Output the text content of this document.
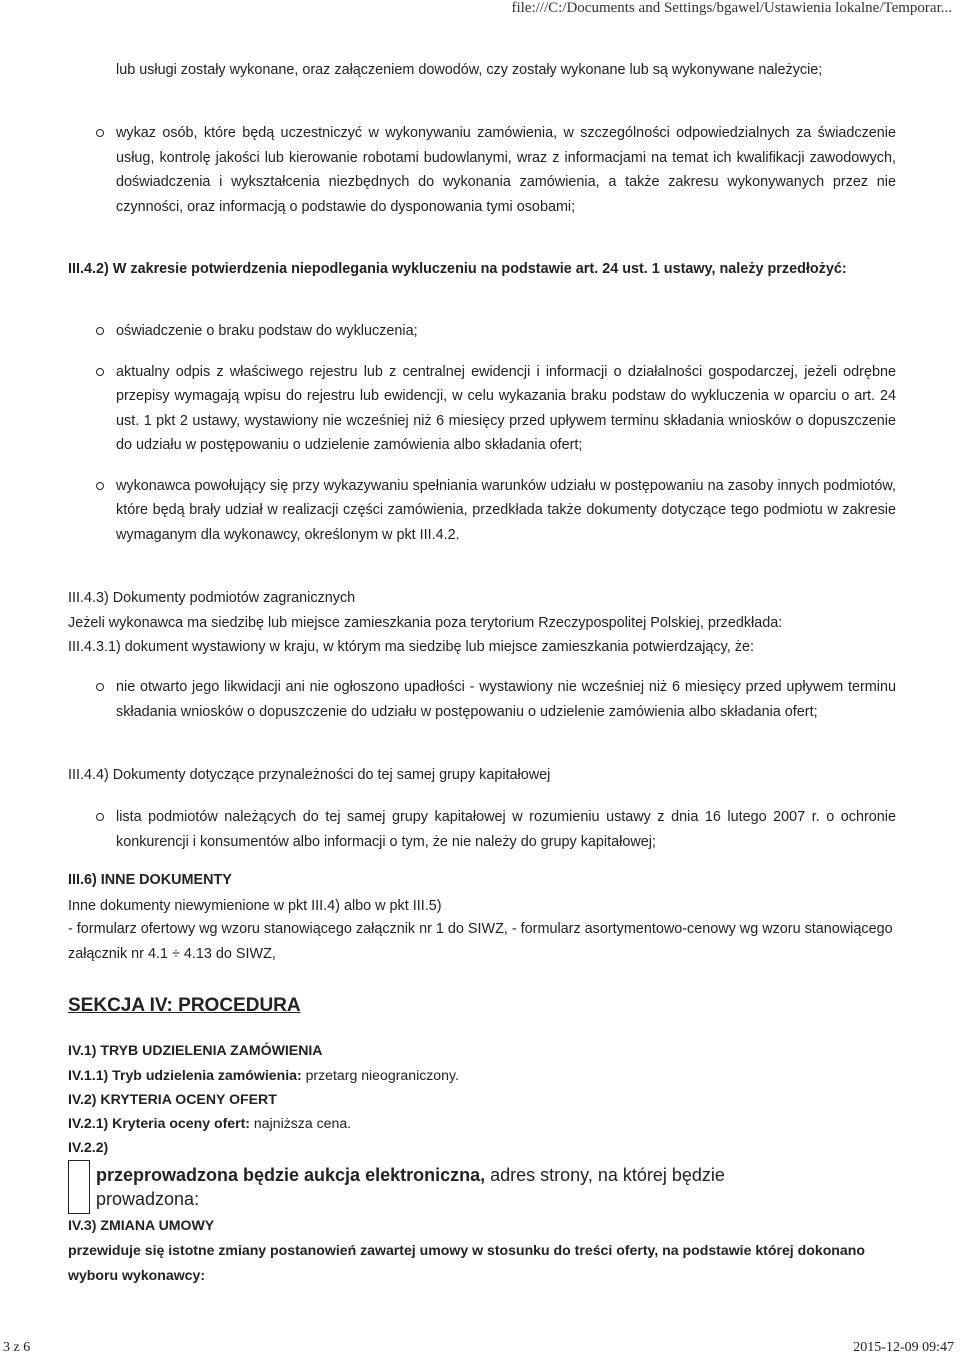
file:///C:/Documents and Settings/bgawel/Ustawienia lokalne/Temporar...
lub usługi zostały wykonane, oraz załączeniem dowodów, czy zostały wykonane lub są wykonywane należycie;
wykaz osób, które będą uczestniczyć w wykonywaniu zamówienia, w szczególności odpowiedzialnych za świadczenie usług, kontrolę jakości lub kierowanie robotami budowlanymi, wraz z informacjami na temat ich kwalifikacji zawodowych, doświadczenia i wykształcenia niezbędnych do wykonania zamówienia, a także zakresu wykonywanych przez nie czynności, oraz informacją o podstawie do dysponowania tymi osobami;
III.4.2) W zakresie potwierdzenia niepodlegania wykluczeniu na podstawie art. 24 ust. 1 ustawy, należy przedłożyć:
oświadczenie o braku podstaw do wykluczenia;
aktualny odpis z właściwego rejestru lub z centralnej ewidencji i informacji o działalności gospodarczej, jeżeli odrębne przepisy wymagają wpisu do rejestru lub ewidencji, w celu wykazania braku podstaw do wykluczenia w oparciu o art. 24 ust. 1 pkt 2 ustawy, wystawiony nie wcześniej niż 6 miesięcy przed upływem terminu składania wniosków o dopuszczenie do udziału w postępowaniu o udzielenie zamówienia albo składania ofert;
wykonawca powołujący się przy wykazywaniu spełniania warunków udziału w postępowaniu na zasoby innych podmiotów, które będą brały udział w realizacji części zamówienia, przedkłada także dokumenty dotyczące tego podmiotu w zakresie wymaganym dla wykonawcy, określonym w pkt III.4.2.
III.4.3) Dokumenty podmiotów zagranicznych
Jeżeli wykonawca ma siedzibę lub miejsce zamieszkania poza terytorium Rzeczypospolitej Polskiej, przedkłada:
III.4.3.1) dokument wystawiony w kraju, w którym ma siedzibę lub miejsce zamieszkania potwierdzający, że:
nie otwarto jego likwidacji ani nie ogłoszono upadłości - wystawiony nie wcześniej niż 6 miesięcy przed upływem terminu składania wniosków o dopuszczenie do udziału w postępowaniu o udzielenie zamówienia albo składania ofert;
III.4.4) Dokumenty dotyczące przynależności do tej samej grupy kapitałowej
lista podmiotów należących do tej samej grupy kapitałowej w rozumieniu ustawy z dnia 16 lutego 2007 r. o ochronie konkurencji i konsumentów albo informacji o tym, że nie należy do grupy kapitałowej;
III.6) INNE DOKUMENTY
Inne dokumenty niewymienione w pkt III.4) albo w pkt III.5)
- formularz ofertowy wg wzoru stanowiącego załącznik nr 1 do SIWZ, - formularz asortymentowo-cenowy wg wzoru stanowiącego załącznik nr 4.1 ÷ 4.13 do SIWZ,
SEKCJA IV: PROCEDURA
IV.1) TRYB UDZIELENIA ZAMÓWIENIA
IV.1.1) Tryb udzielenia zamówienia: przetarg nieograniczony.
IV.2) KRYTERIA OCENY OFERT
IV.2.1) Kryteria oceny ofert: najniższa cena.
IV.2.2)
przeprowadzona będzie aukcja elektroniczna, adres strony, na której będzie prowadzona:
IV.3) ZMIANA UMOWY
przewiduje się istotne zmiany postanowień zawartej umowy w stosunku do treści oferty, na podstawie której dokonano wyboru wykonawcy:
3 z 6	2015-12-09 09:47
